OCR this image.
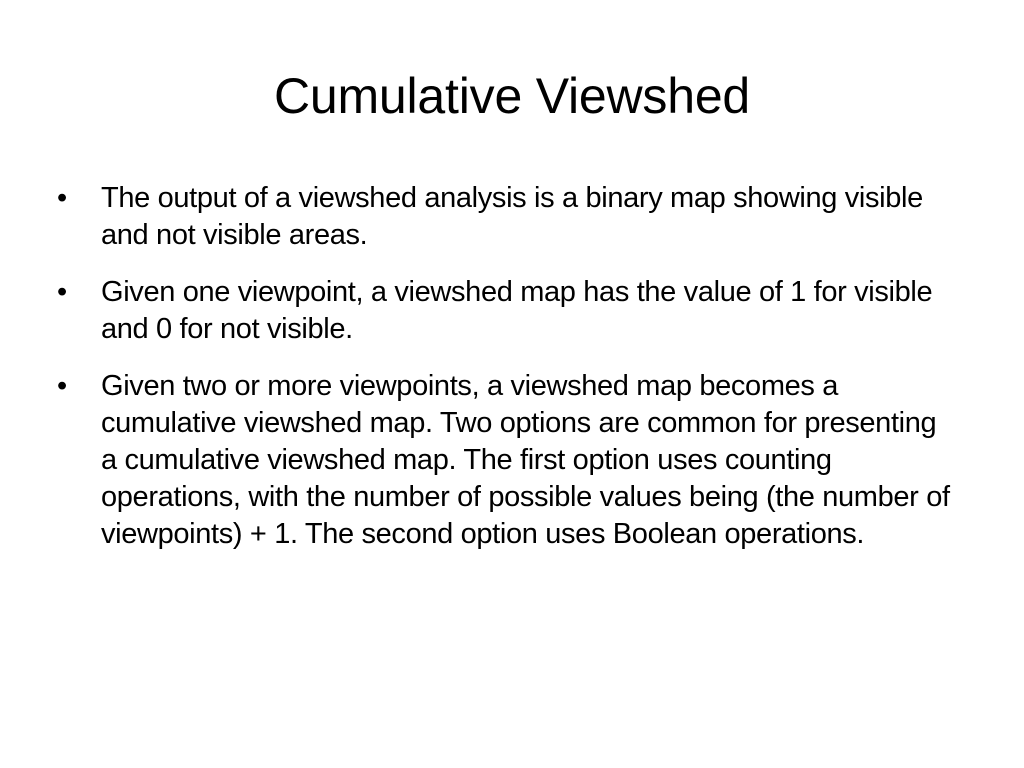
Cumulative Viewshed
•	The output of a viewshed analysis is a binary map showing visible and not visible areas.
•	Given one viewpoint, a viewshed map has the value of 1 for visible and 0 for not visible.
•	Given two or more viewpoints, a viewshed map becomes a cumulative viewshed map. Two options are common for presenting a cumulative viewshed map. The first option uses counting operations, with the number of possible values being (the number of viewpoints) + 1. The second option uses Boolean operations.
